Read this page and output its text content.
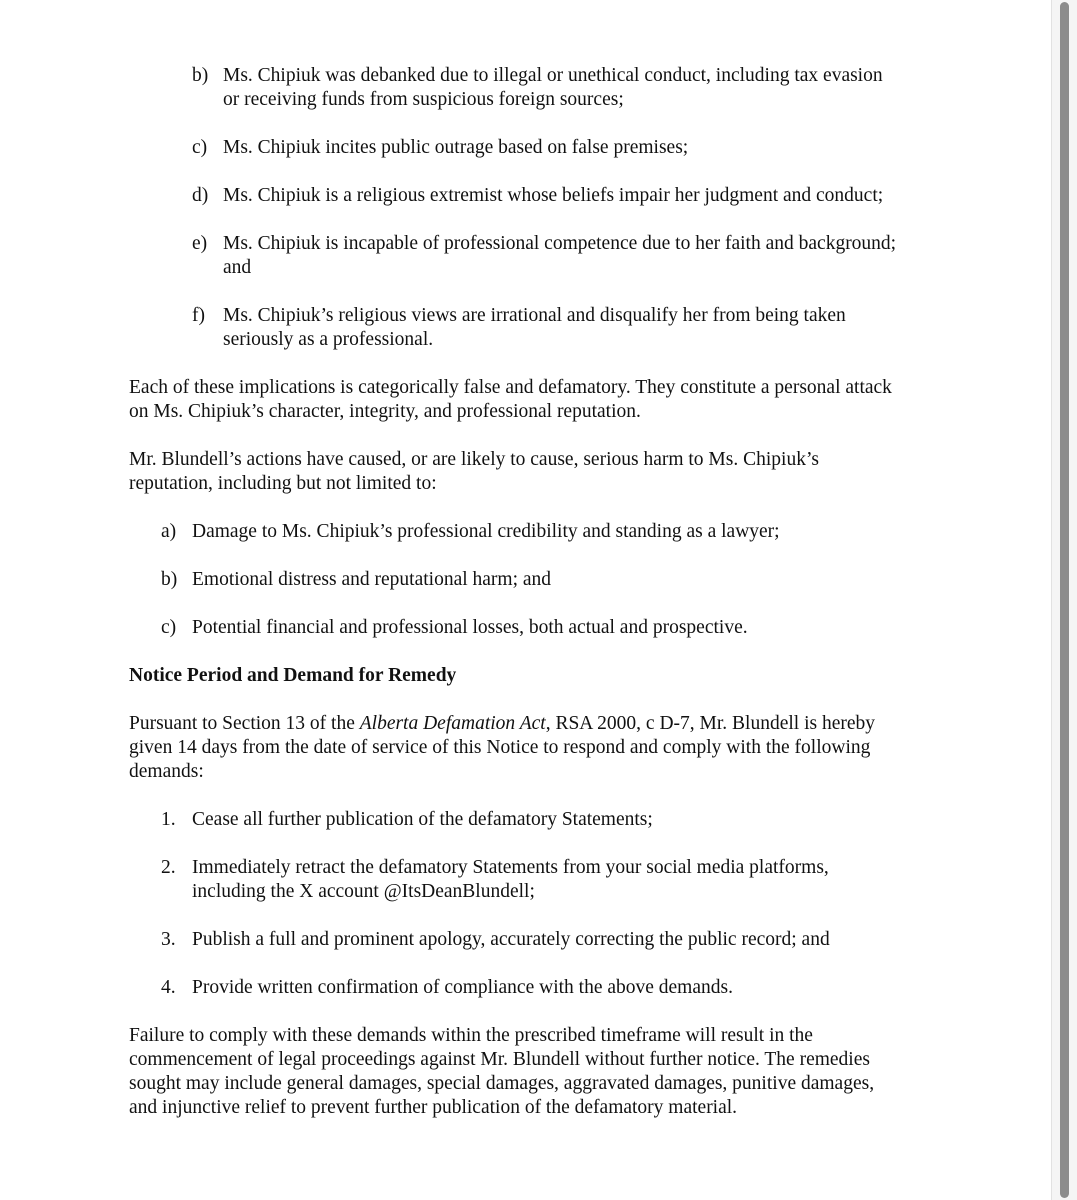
b) Ms. Chipiuk was debanked due to illegal or unethical conduct, including tax evasion
or receiving funds from suspicious foreign sources;
c) Ms. Chipiuk incites public outrage based on false premises;
d) Ms. Chipiuk is a religious extremist whose beliefs impair her judgment and conduct;
e) Ms. Chipiuk is incapable of professional competence due to her faith and background;
and
f) Ms. Chipiuk’s religious views are irrational and disqualify her from being taken
seriously as a professional.
Each of these implications is categorically false and defamatory. They constitute a personal attack
on Ms. Chipiuk’s character, integrity, and professional reputation.
Mr. Blundell’s actions have caused, or are likely to cause, serious harm to Ms. Chipiuk’s
reputation, including but not limited to:
a) Damage to Ms. Chipiuk’s professional credibility and standing as a lawyer;
b) Emotional distress and reputational harm; and
c) Potential financial and professional losses, both actual and prospective.
Notice Period and Demand for Remedy
Pursuant to Section 13 of the Alberta Defamation Act, RSA 2000, c D-7, Mr. Blundell is hereby
given 14 days from the date of service of this Notice to respond and comply with the following
demands:
1. Cease all further publication of the defamatory Statements;
2. Immediately retract the defamatory Statements from your social media platforms,
including the X account @ItsDeanBlundell;
3. Publish a full and prominent apology, accurately correcting the public record; and
4. Provide written confirmation of compliance with the above demands.
Failure to comply with these demands within the prescribed timeframe will result in the
commencement of legal proceedings against Mr. Blundell without further notice. The remedies
sought may include general damages, special damages, aggravated damages, punitive damages,
and injunctive relief to prevent further publication of the defamatory material.
